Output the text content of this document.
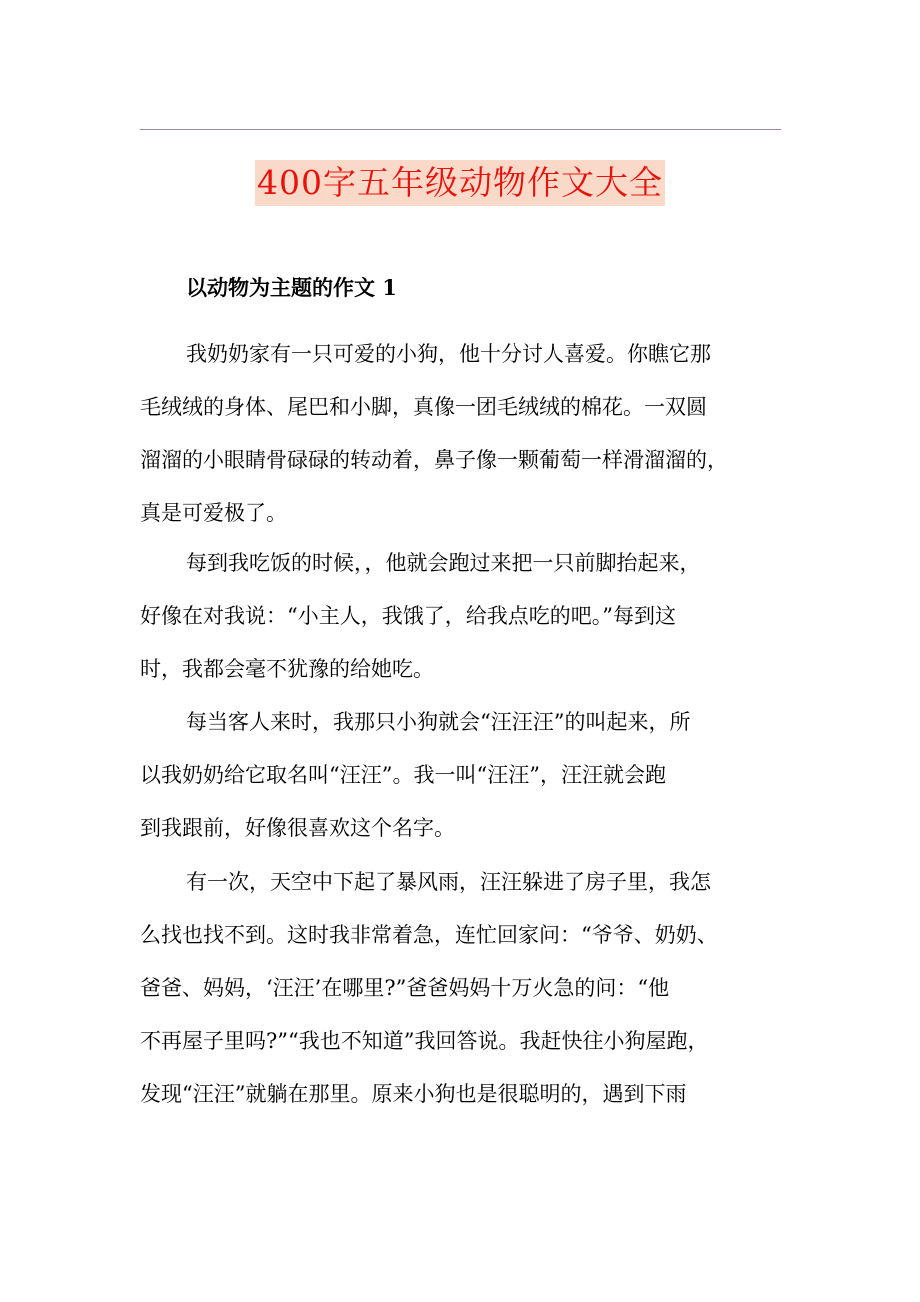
400字五年级动物作文大全
以动物为主题的作文 1
我奶奶家有一只可爱的小狗，他十分讨人喜爱。你瞧它那
毛绒绒的身体、尾巴和小脚，真像一团毛绒绒的棉花。一双圆
溜溜的小眼睛骨碌碌的转动着，鼻子像一颗葡萄一样滑溜溜的，
真是可爱极了。
每到我吃饭的时候，，他就会跑过来把一只前脚抬起来，
好像在对我说：“小主人，我饿了，给我点吃的吧。”每到这
时，我都会毫不犹豫的给她吃。
每当客人来时，我那只小狗就会“汪汪汪”的叫起来，所
以我奶奶给它取名叫“汪汪”。我一叫“汪汪”，汪汪就会跑
到我跟前，好像很喜欢这个名字。
有一次，天空中下起了暴风雨，汪汪躲进了房子里，我怎
么找也找不到。这时我非常着急，连忙回家问：“爷爷、奶奶、
爸爸、妈妈，‘汪汪’在哪里?”爸爸妈妈十万火急的问：“他
不再屋子里吗?”“我也不知道”我回答说。我赶快往小狗屋跑，
发现“汪汪”就躺在那里。原来小狗也是很聪明的，遇到下雨
